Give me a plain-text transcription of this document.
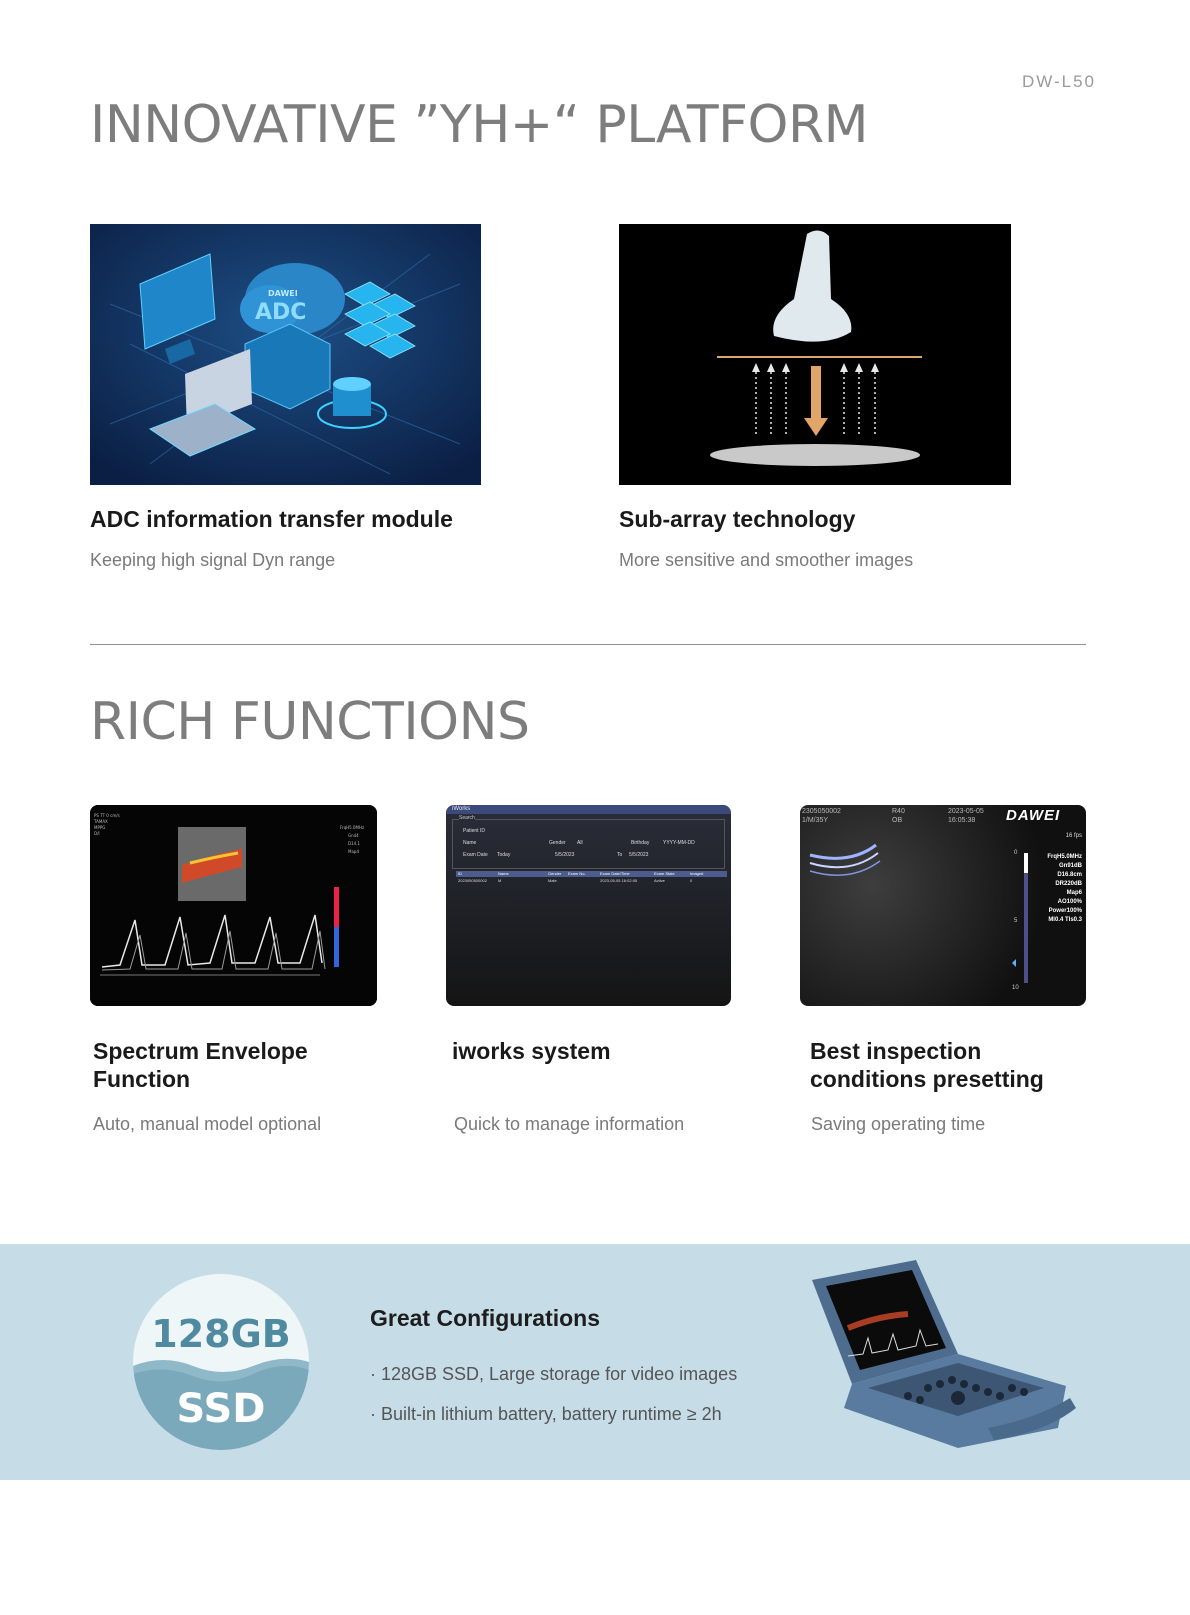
DW-L50
INNOVATIVE ”YH+“ PLATFORM
DAWEI
ADC
ADC information transfer module
Keeping high signal Dyn range
Sub-array technology
More sensitive and smoother images
RICH FUNCTIONS
PS TT 0 cm/s
TAMAX
MPPG
D/I
FrqH5.0MHz
Gn44
D14.1
Map4
Spectrum Envelope Function
Auto, manual model optional
iWorks
Search
Patient ID
Name	Gender All	Birthday	YYYY-MM-DD
Exam Date Today	5/5/2023	To 5/5/2023
ID	Name	Gender Exam No.	Exam Date/Time	Exam State	Image#
2023050500002	M	Male	2023-05-05 16:02:05	Active	0
iworks system
Quick to manage information
2305050002
1/M/35Y
R40
OB
2023-05-05
16:05:38	DAWEI
16 fps
FrqH5.0MHz
Gn91dB
D16.8cm
DR220dB
Map6
AO100%
Power100%
MI0.4 TIs0.3
0
5
10
Best inspection conditions presetting
Saving operating time
128GB
SSD
Great Configurations
· 128GB SSD, Large storage for video images
· Built-in lithium battery, battery runtime ≥ 2h
